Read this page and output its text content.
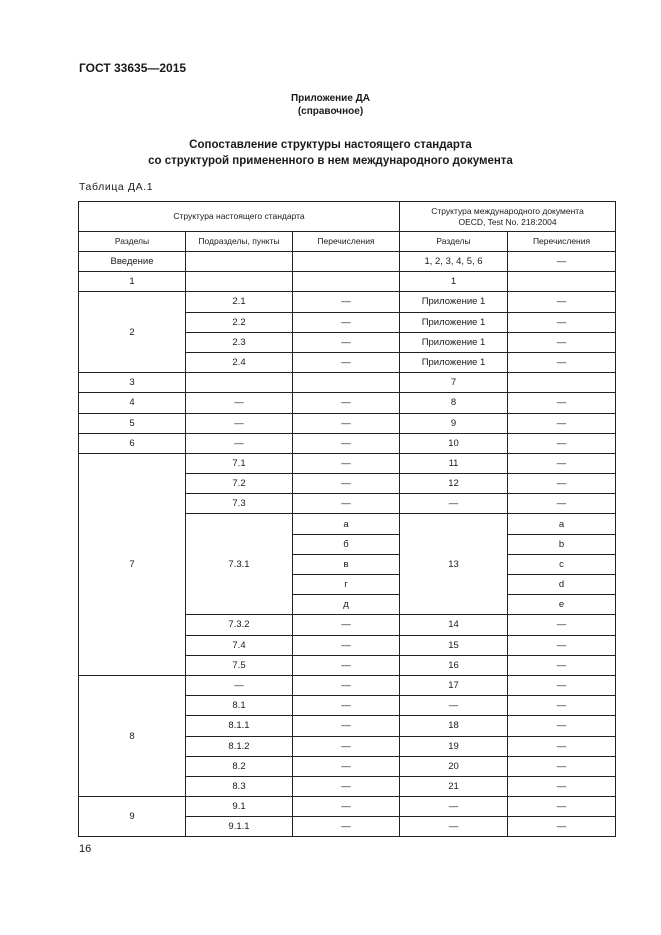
ГОСТ 33635—2015
Приложение ДА
(справочное)
Сопоставление структуры настоящего стандарта
со структурой примененного в нем международного документа
Таблица ДА.1
Структура настоящего стандарта			Структура международного документа
OECD, Test No. 218:2004	

Разделы	Подразделы, пункты	Перечисления	Разделы	Перечисления
Введение			1, 2, 3, 4, 5, 6	—
1			1	
2	2.1	—	Приложение 1	—
	2.2	—	Приложение 1	—
	2.3	—	Приложение 1	—
	2.4	—	Приложение 1	—
3			7	
4	—	—	8	—
5	—	—	9	—
6	—	—	10	—
7	7.1	—	11	—
	7.2	—	12	—
	7.3	—	—	—
	7.3.1	а	13	a
		б		b
		в		c
		г		d
		д		e
	7.3.2	—	14	—
	7.4	—	15	—
	7.5	—	16	—
8	—	—	17	—
	8.1	—	—	—
	8.1.1	—	18	—
	8.1.2	—	19	—
	8.2	—	20	—
	8.3	—	21	—
9	9.1	—	—	—
	9.1.1	—	—	—
16
